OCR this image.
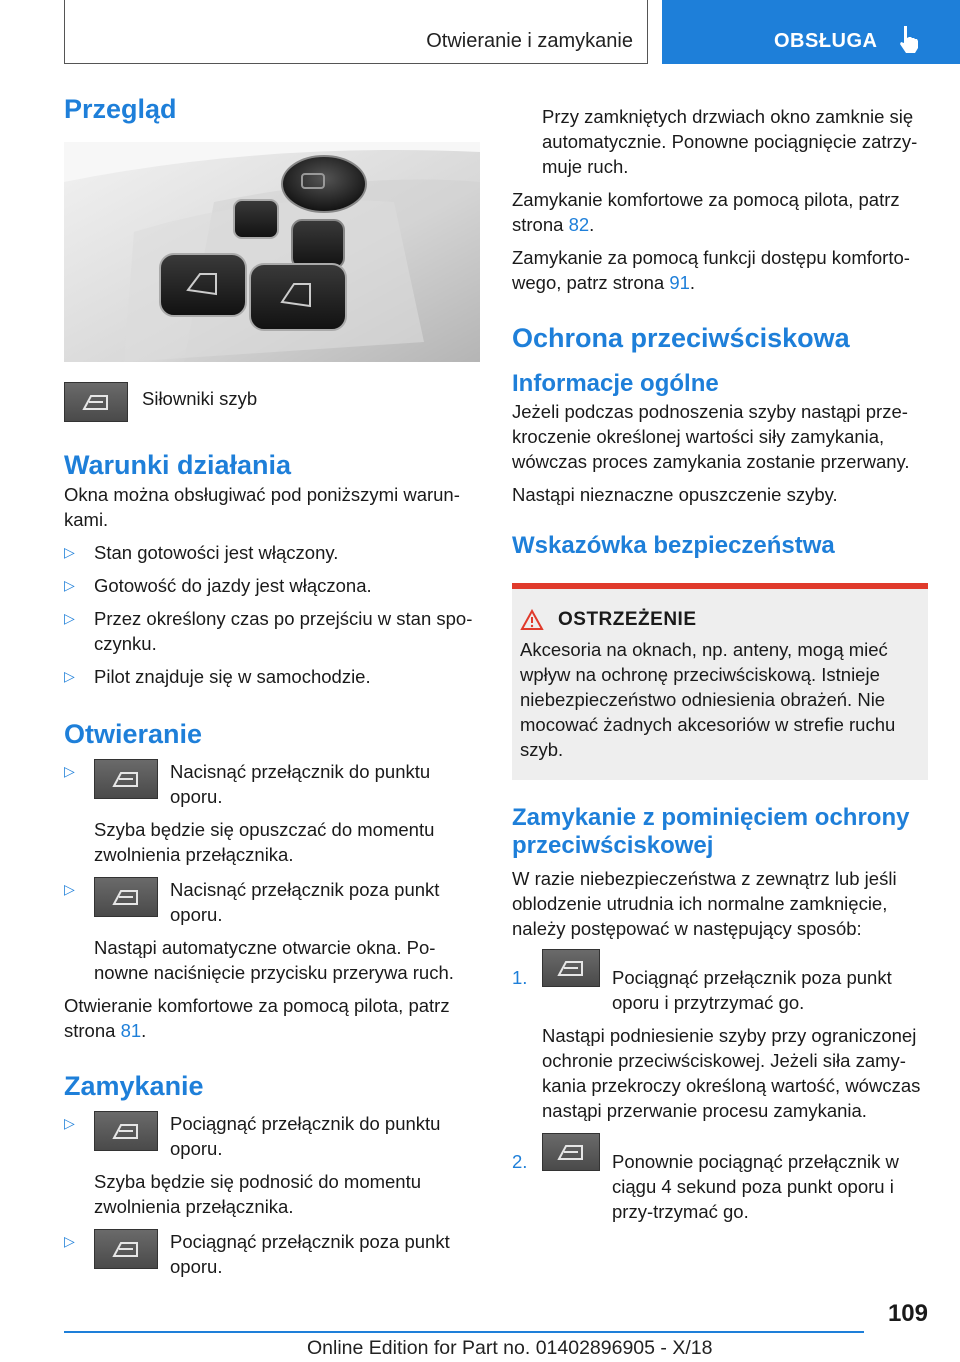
Otwieranie i zamykanie	OBSŁUGA
Przegląd

Siłowniki szyb

Warunki działania

Okna można obsługiwać pod poniższymi warun-kami.

▷ Stan gotowości jest włączony.
▷ Gotowość do jazdy jest włączona.
▷ Przez określony czas po przejściu w stan spo-czynku.
▷ Pilot znajduje się w samochodzie.
Otwieranie
▷	Nacisnąć przełącznik do punktu oporu.
Szyba będzie się opuszczać do momentu zwolnienia przełącznika.
▷	Nacisnąć przełącznik poza punkt oporu.
Nastąpi automatyczne otwarcie okna. Po-nowne naciśnięcie przycisku przerywa ruch.

Otwieranie komfortowe za pomocą pilota, patrz strona 81.

Zamykanie
▷	Pociągnąć przełącznik do punktu oporu.
Szyba będzie się podnosić do momentu zwolnienia przełącznika.
▷	Pociągnąć przełącznik poza punkt oporu.

Przy zamkniętych drzwiach okno zamknie się automatycznie. Ponowne pociągnięcie zatrzy-muje ruch.

Zamykanie komfortowe za pomocą pilota, patrz strona 82.

Zamykanie za pomocą funkcji dostępu komforto-wego, patrz strona 91.

Ochrona przeciwściskowa
Informacje ogólne

Jeżeli podczas podnoszenia szyby nastąpi prze-kroczenie określonej wartości siły zamykania, wówczas proces zamykania zostanie przerwany.

Nastąpi nieznaczne opuszczenie szyby.

Wskazówka bezpieczeństwa
OSTRZEŻENIE

Akcesoria na oknach, np. anteny, mogą mieć wpływ na ochronę przeciwściskową. Istnieje niebezpieczeństwo odniesienia obrażeń. Nie mocować żadnych akcesoriów w strefie ruchu szyb.

Zamykanie z pominięciem ochrony przeciwściskowej

W razie niebezpieczeństwa z zewnątrz lub jeśli oblodzenie utrudnia ich normalne zamknięcie, należy postępować w następujący sposób:

1.	Pociągnąć przełącznik poza punkt oporu i przytrzymać go.
Nastąpi podniesienie szyby przy ograniczonej ochronie przeciwściskowej. Jeżeli siła zamy-kania przekroczy określoną wartość, wówczas nastąpi przerwanie procesu zamykania.
2.	Ponownie pociągnąć przełącznik w ciągu 4 sekund poza punkt oporu i przy-trzymać go.
109
Online Edition for Part no. 01402896905 - X/18
